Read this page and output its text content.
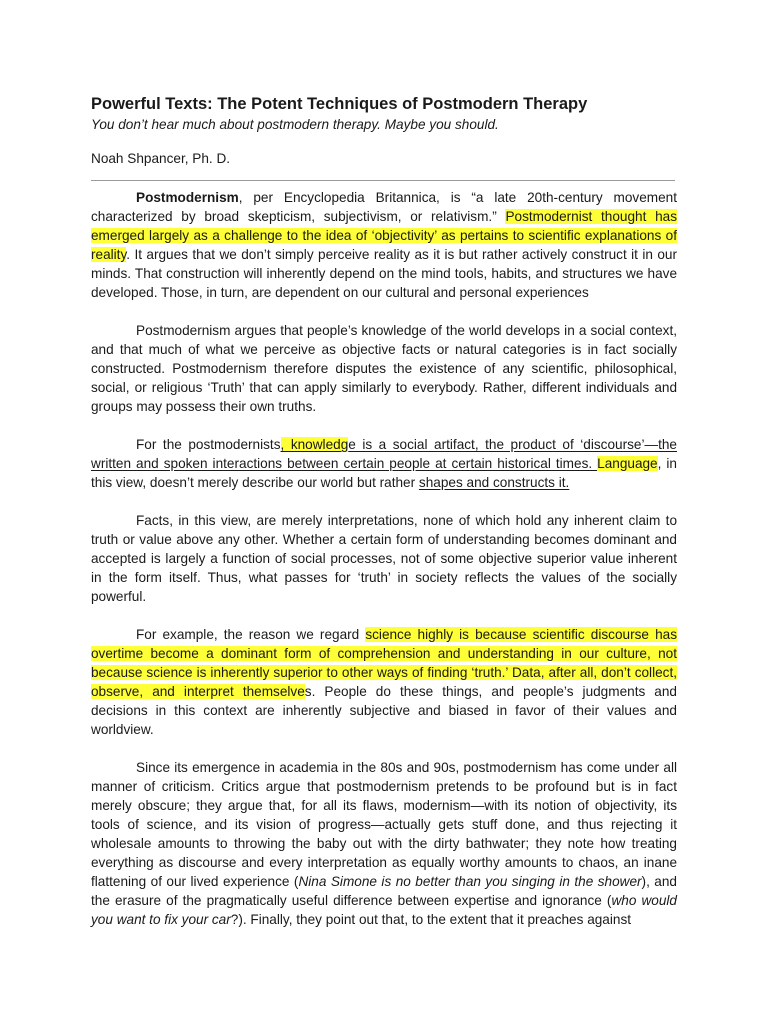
Powerful Texts: The Potent Techniques of Postmodern Therapy

You don’t hear much about postmodern therapy. Maybe you should.

Noah Shpancer, Ph. D.

Postmodernism, per Encyclopedia Britannica, is “a late 20th-century movement characterized by broad skepticism, subjectivism, or relativism.” Postmodernist thought has emerged largely as a challenge to the idea of ‘objectivity’ as pertains to scientific explanations of reality. It argues that we don’t simply perceive reality as it is but rather actively construct it in our minds. That construction will inherently depend on the mind tools, habits, and structures we have developed. Those, in turn, are dependent on our cultural and personal experiences

Postmodernism argues that people’s knowledge of the world develops in a social context, and that much of what we perceive as objective facts or natural categories is in fact socially constructed. Postmodernism therefore disputes the existence of any scientific, philosophical, social, or religious ‘Truth’ that can apply similarly to everybody. Rather, different individuals and groups may possess their own truths.

For the postmodernists, knowledge is a social artifact, the product of ‘discourse’—the written and spoken interactions between certain people at certain historical times. Language, in this view, doesn’t merely describe our world but rather shapes and constructs it.

Facts, in this view, are merely interpretations, none of which hold any inherent claim to truth or value above any other. Whether a certain form of understanding becomes dominant and accepted is largely a function of social processes, not of some objective superior value inherent in the form itself. Thus, what passes for ‘truth’ in society reflects the values of the socially powerful.

For example, the reason we regard science highly is because scientific discourse has overtime become a dominant form of comprehension and understanding in our culture, not because science is inherently superior to other ways of finding ‘truth.’ Data, after all, don’t collect, observe, and interpret themselves. People do these things, and people’s judgments and decisions in this context are inherently subjective and biased in favor of their values and worldview.

Since its emergence in academia in the 80s and 90s, postmodernism has come under all manner of criticism. Critics argue that postmodernism pretends to be profound but is in fact merely obscure; they argue that, for all its flaws, modernism—with its notion of objectivity, its tools of science, and its vision of progress—actually gets stuff done, and thus rejecting it wholesale amounts to throwing the baby out with the dirty bathwater; they note how treating everything as discourse and every interpretation as equally worthy amounts to chaos, an inane flattening of our lived experience (Nina Simone is no better than you singing in the shower), and the erasure of the pragmatically useful difference between expertise and ignorance (who would you want to fix your car?). Finally, they point out that, to the extent that it preaches against
